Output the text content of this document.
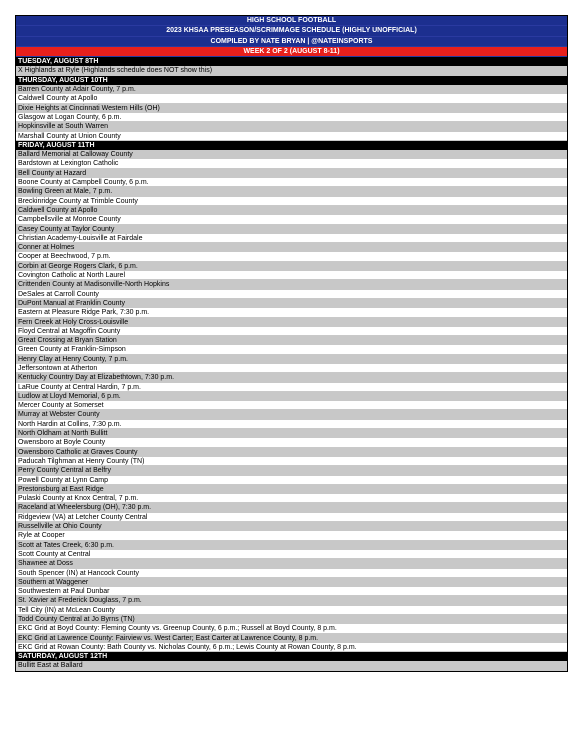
HIGH SCHOOL FOOTBALL
2023 KHSAA PRESEASON/SCRIMMAGE SCHEDULE (HIGHLY UNOFFICIAL)
COMPILED BY NATE BRYAN | @NATEINSPORTS
WEEK 2 OF 2 (AUGUST 8-11)
TUESDAY, AUGUST 8TH
X Highlands at Ryle (Highlands schedule does NOT show this)
THURSDAY, AUGUST 10TH
Barren County at Adair County, 7 p.m.
Caldwell County at Apollo
Dixie Heights at Cincinnati Western Hills (OH)
Glasgow at Logan County, 6 p.m.
Hopkinsville at South Warren
Marshall County at Union County
FRIDAY, AUGUST 11TH
Ballard Memorial at Calloway County
Bardstown at Lexington Catholic
Bell County at Hazard
Boone County at Campbell County, 6 p.m.
Bowling Green at Male, 7 p.m.
Breckinridge County at Trimble County
Caldwell County at Apollo
Campbellsville at Monroe County
Casey County at Taylor County
Christian Academy-Louisville at Fairdale
Conner at Holmes
Cooper at Beechwood, 7 p.m.
Corbin at George Rogers Clark, 6 p.m.
Covington Catholic at North Laurel
Crittenden County at Madisonville-North Hopkins
DeSales at Carroll County
DuPont Manual at Franklin County
Eastern at Pleasure Ridge Park, 7:30 p.m.
Fern Creek at Holy Cross-Louisville
Floyd Central at Magoffin County
Great Crossing at Bryan Station
Green County at Franklin-Simpson
Henry Clay at Henry County, 7 p.m.
Jeffersontown at Atherton
Kentucky Country Day at Elizabethtown, 7:30 p.m.
LaRue County at Central Hardin, 7 p.m.
Ludlow at Lloyd Memorial, 6 p.m.
Mercer County at Somerset
Murray at Webster County
North Hardin at Collins, 7:30 p.m.
North Oldham at North Bullitt
Owensboro at Boyle County
Owensboro Catholic at Graves County
Paducah Tilghman at Henry County (TN)
Perry County Central at Belfry
Powell County at Lynn Camp
Prestonsburg at East Ridge
Pulaski County at Knox Central, 7 p.m.
Raceland at Wheelersburg (OH), 7:30 p.m.
Ridgeview (VA) at Letcher County Central
Russellville at Ohio County
Ryle at Cooper
Scott at Tates Creek, 6:30 p.m.
Scott County at Central
Shawnee at Doss
South Spencer (IN) at Hancock County
Southern at Waggener
Southwestern at Paul Dunbar
St. Xavier at Frederick Douglass, 7 p.m.
Tell City (IN) at McLean County
Todd County Central at Jo Byrns (TN)
EKC Grid at Boyd County: Fleming County vs. Greenup County, 6 p.m.; Russell at Boyd County, 8 p.m.
EKC Grid at Lawrence County: Fairview vs. West Carter; East Carter at Lawrence County, 8 p.m.
EKC Grid at Rowan County: Bath County vs. Nicholas County, 6 p.m.; Lewis County at Rowan County, 8 p.m.
SATURDAY, AUGUST 12TH
Bullitt East at Ballard
